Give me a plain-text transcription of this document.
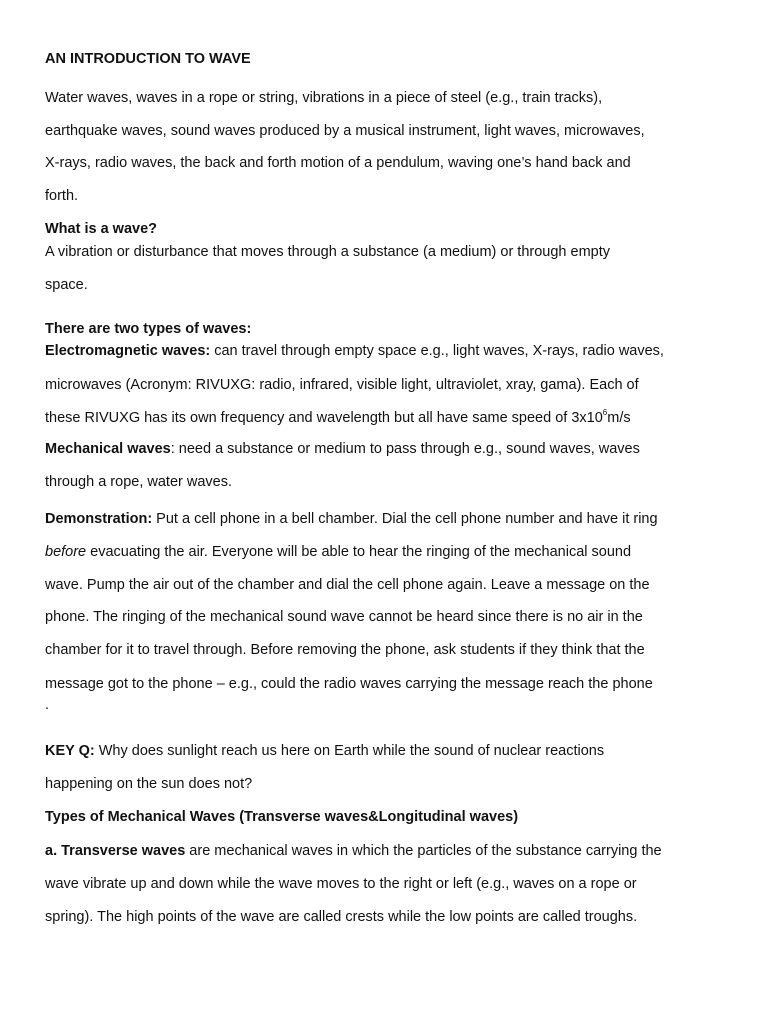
AN INTRODUCTION TO WAVE
Water waves, waves in a rope or string, vibrations in a piece of steel (e.g., train tracks),
earthquake waves, sound waves produced by a musical instrument, light waves, microwaves,
X-rays, radio waves, the back and forth motion of a pendulum, waving one’s hand back and
forth.
What is a wave?
A vibration or disturbance that moves through a substance (a medium) or through empty
space.
There are two types of waves:
Electromagnetic waves: can travel through empty space e.g., light waves, X-rays, radio waves,
microwaves (Acronym: RIVUXG: radio, infrared, visible light, ultraviolet, xray, gama). Each of
these RIVUXG has its own frequency and wavelength but all have same speed of $3x10^6m/s$
Mechanical waves: need a substance or medium to pass through e.g., sound waves, waves
through a rope, water waves.
Demonstration: Put a cell phone in a bell chamber. Dial the cell phone number and have it ring
before evacuating the air. Everyone will be able to hear the ringing of the mechanical sound
wave. Pump the air out of the chamber and dial the cell phone again. Leave a message on the
phone. The ringing of the mechanical sound wave cannot be heard since there is no air in the
chamber for it to travel through. Before removing the phone, ask students if they think that the
message got to the phone – e.g., could the radio waves carrying the message reach the phone
.
KEY Q: Why does sunlight reach us here on Earth while the sound of nuclear reactions
happening on the sun does not?
Types of Mechanical Waves (Transverse waves&Longitudinal waves)
a. Transverse waves are mechanical waves in which the particles of the substance carrying the
wave vibrate up and down while the wave moves to the right or left (e.g., waves on a rope or
spring). The high points of the wave are called crests while the low points are called troughs.
